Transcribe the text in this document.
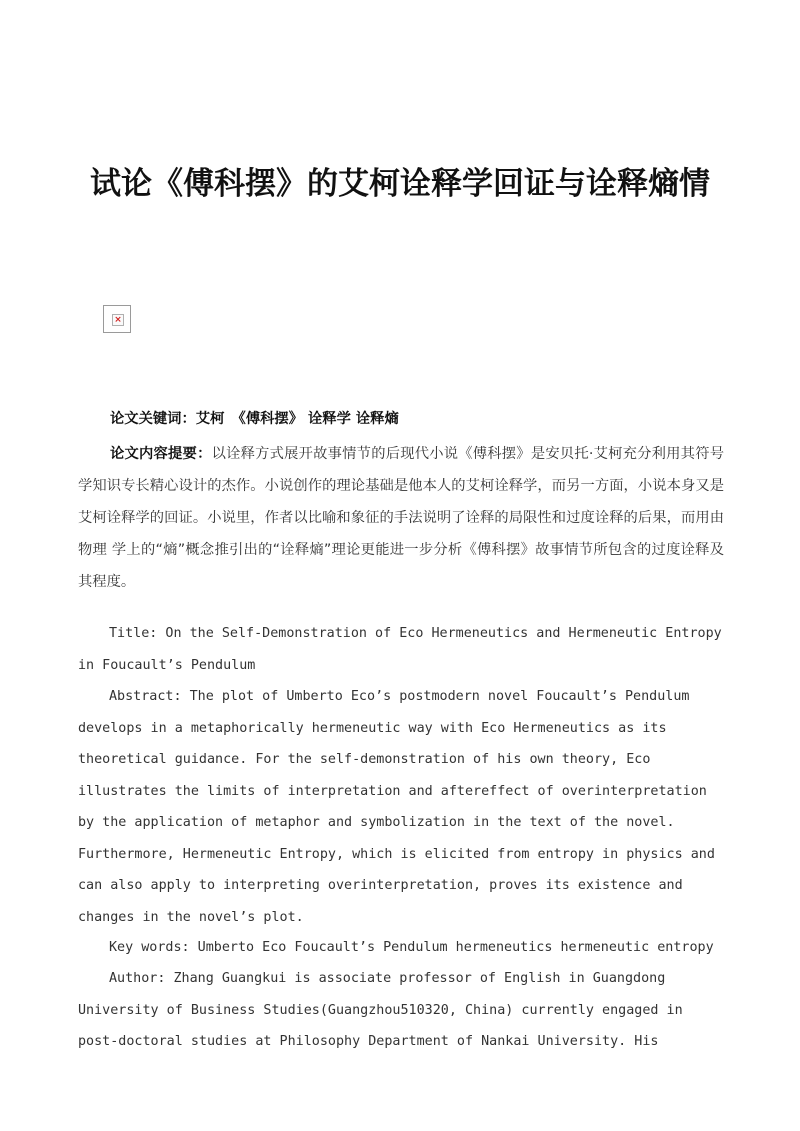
试论《傅科摆》的艾柯诠释学回证与诠释熵情
×

论文关键词：艾柯　《傅科摆》 诠释学 诠释熵

论文内容提要：以诠释方式展开故事情节的后现代小说《傅科摆》是安贝托·艾柯充分利用其符号学知识专长精心设计的杰作。小说创作的理论基础是他本人的艾柯诠释学，而另一方面，小说本身又是艾柯诠释学的回证。小说里，作者以比喻和象征的手法说明了诠释的局限性和过度诠释的后果，而用由 物理 学上的“熵”概念推引出的“诠释熵”理论更能进一步分析《傅科摆》故事情节所包含的过度诠释及其程度。

Title: On the Self-Demonstration of Eco Hermeneutics and Hermeneutic Entropy in Foucault’s Pendulum

Abstract: The plot of Umberto Eco’s postmodern novel Foucault’s Pendulum develops in a metaphorically hermeneutic way with Eco Hermeneutics as its theoretical guidance. For the self-demonstration of his own theory, Eco illustrates the limits of interpretation and aftereffect of overinterpretation by the application of metaphor and symbolization in the text of the novel. Furthermore, Hermeneutic Entropy, which is elicited from entropy in physics and can also apply to interpreting overinterpretation, proves its existence and changes in the novel’s plot.

Key words: Umberto Eco Foucault’s Pendulum hermeneutics hermeneutic entropy

Author: Zhang Guangkui is associate professor of English in Guangdong University of Business Studies(Guangzhou510320, China) currently engaged in post-doctoral studies at Philosophy Department of Nankai University. His
